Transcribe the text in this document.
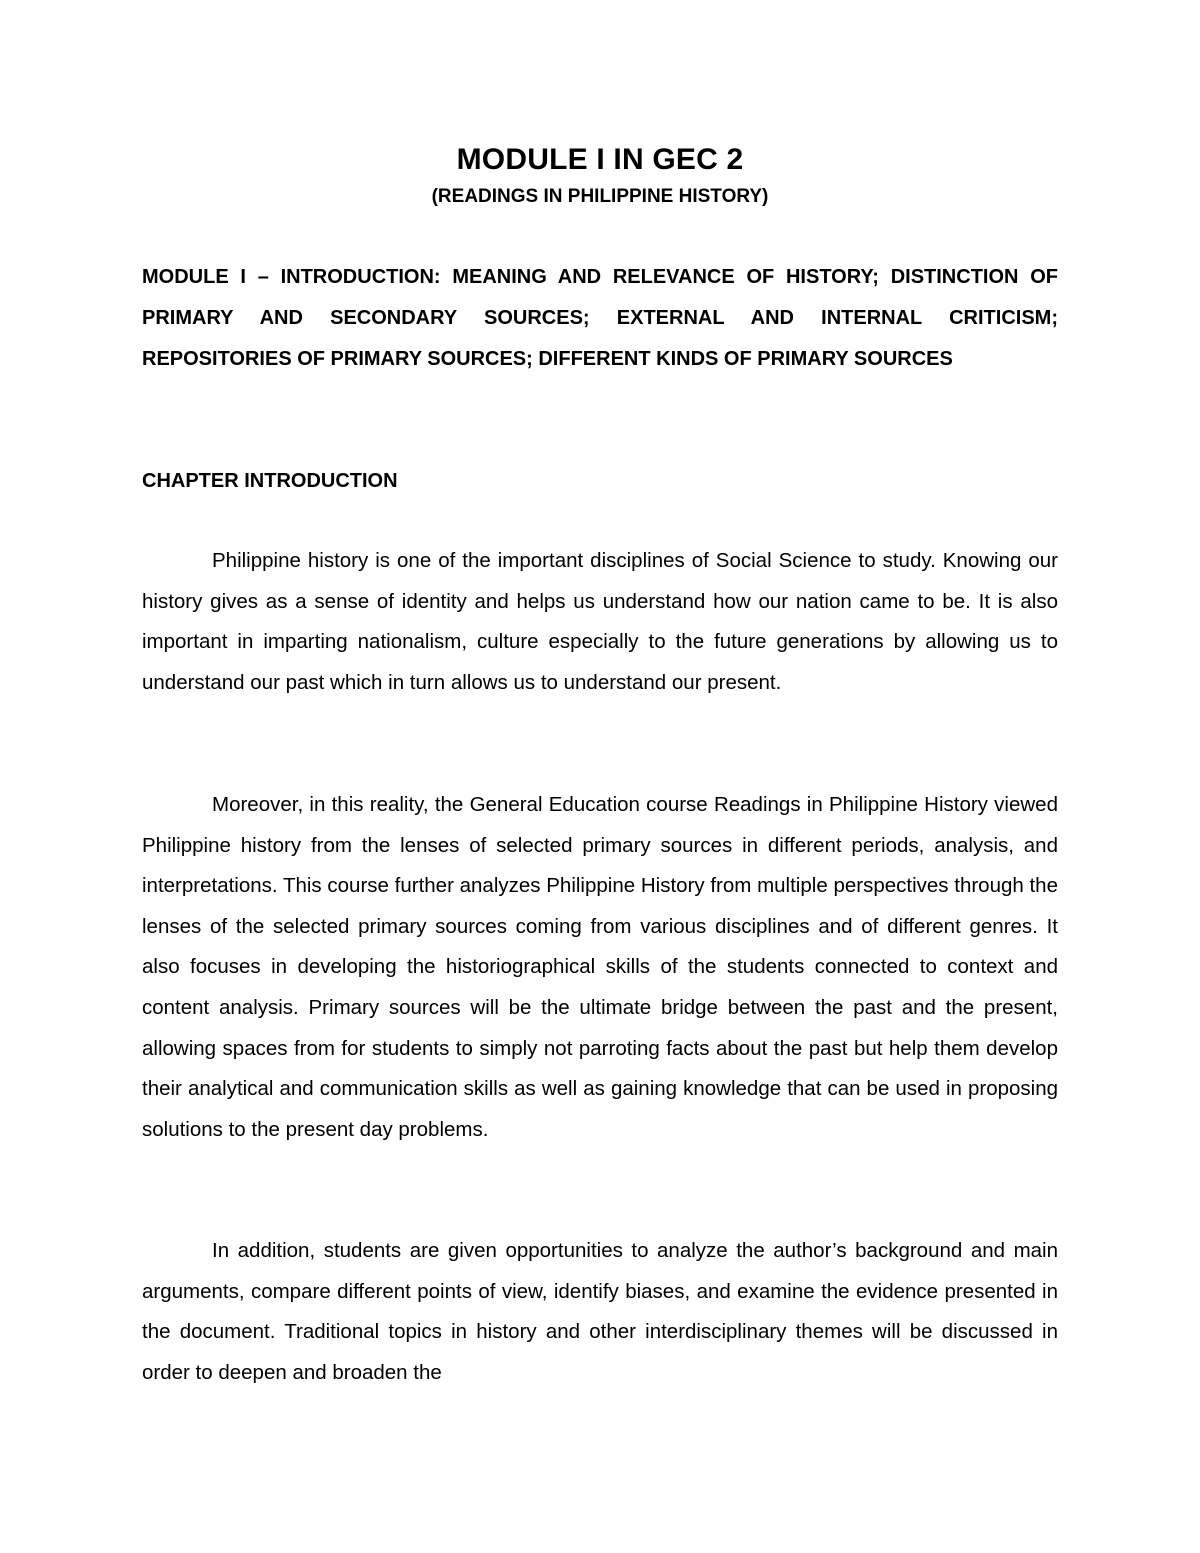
MODULE I IN GEC 2
(READINGS IN PHILIPPINE HISTORY)

MODULE I – INTRODUCTION: MEANING AND RELEVANCE OF HISTORY; DISTINCTION OF PRIMARY AND SECONDARY SOURCES; EXTERNAL AND INTERNAL CRITICISM; REPOSITORIES OF PRIMARY SOURCES; DIFFERENT KINDS OF PRIMARY SOURCES

CHAPTER INTRODUCTION

Philippine history is one of the important disciplines of Social Science to study. Knowing our history gives as a sense of identity and helps us understand how our nation came to be. It is also important in imparting nationalism, culture especially to the future generations by allowing us to understand our past which in turn allows us to understand our present.

Moreover, in this reality, the General Education course Readings in Philippine History viewed Philippine history from the lenses of selected primary sources in different periods, analysis, and interpretations. This course further analyzes Philippine History from multiple perspectives through the lenses of the selected primary sources coming from various disciplines and of different genres. It also focuses in developing the historiographical skills of the students connected to context and content analysis. Primary sources will be the ultimate bridge between the past and the present, allowing spaces from for students to simply not parroting facts about the past but help them develop their analytical and communication skills as well as gaining knowledge that can be used in proposing solutions to the present day problems.

In addition, students are given opportunities to analyze the author’s background and main arguments, compare different points of view, identify biases, and examine the evidence presented in the document. Traditional topics in history and other interdisciplinary themes will be discussed in order to deepen and broaden the
